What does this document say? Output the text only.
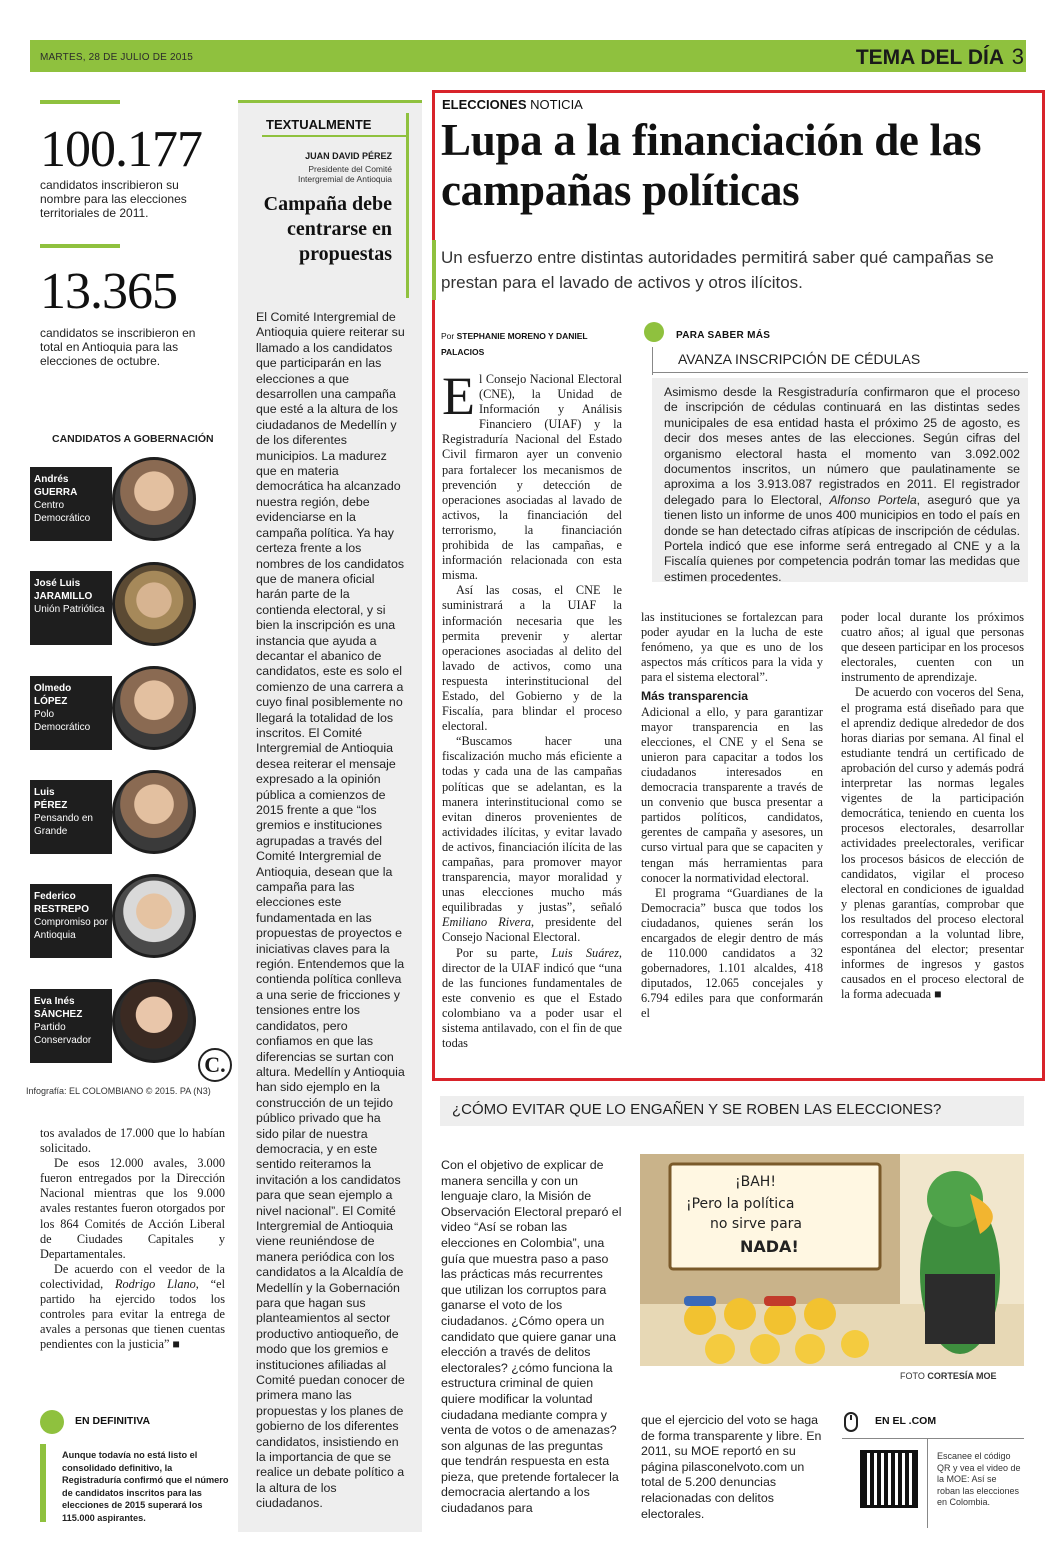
MARTES, 28 DE JULIO DE 2015	TEMA DEL DÍA 3
100.177
candidatos inscribieron su nombre para las elecciones territoriales de 2011.
13.365
candidatos se inscribieron en total en Antioquia para las elecciones de octubre.
CANDIDATOS A GOBERNACIÓN
Andrés
GUERRA
Centro Democrático
José Luis
JARAMILLO
Unión Patriótica
Olmedo
LÓPEZ
Polo Democrático
Luis
PÉREZ
Pensando en Grande
Federico
RESTREPO
Compromiso por Antioquia
Eva Inés
SÁNCHEZ
Partido Conservador
C.
Infografía: EL COLOMBIANO © 2015. PA (N3)

tos avalados de 17.000 que lo habían solicitado.

De esos 12.000 avales, 3.000 fueron entregados por la Dirección Nacional mientras que los 9.000 avales restantes fueron otorgados por los 864 Comités de Acción Liberal de Ciudades Capitales y Departamentales.

De acuerdo con el veedor de la colectividad, Rodrigo Llano, “el partido ha ejercido todos los controles para evitar la entrega de avales a personas que tienen cuentas pendientes con la justicia” ■

EN DEFINITIVA
Aunque todavía no está listo el consolidado definitivo, la Registraduría confirmó que el número de candidatos inscritos para las elecciones de 2015 superará los 115.000 aspirantes.
TEXTUALMENTE
JUAN DAVID PÉREZ
Presidente del Comité Intergremial de Antioquia
Campaña debe centrarse en propuestas
El Comité Intergremial de Antioquia quiere reiterar su llamado a los candidatos que participarán en las elecciones a que desarrollen una campaña que esté a la altura de los ciudadanos de Medellín y de los diferentes municipios. La madurez que en materia democrática ha alcanzado nuestra región, debe evidenciarse en la campaña política. Ya hay certeza frente a los nombres de los candidatos que de manera oficial harán parte de la contienda electoral, y si bien la inscripción es una instancia que ayuda a decantar el abanico de candidatos, este es solo el comienzo de una carrera a cuyo final posiblemente no llegará la totalidad de los inscritos. El Comité Intergremial de Antioquia desea reiterar el mensaje expresado a la opinión pública a comienzos de 2015 frente a que “los gremios e instituciones agrupadas a través del Comité Intergremial de Antioquia, desean que la campaña para las elecciones este fundamentada en las propuestas de proyectos e iniciativas claves para la región. Entendemos que la contienda política conlleva a una serie de fricciones y tensiones entre los candidatos, pero confiamos en que las diferencias se surtan con altura. Medellín y Antioquia han sido ejemplo en la construcción de un tejido público privado que ha sido pilar de nuestra democracia, y en este sentido reiteramos la invitación a los candidatos para que sean ejemplo a nivel nacional”. El Comité Intergremial de Antioquia viene reuniéndose de manera periódica con los candidatos a la Alcaldía de Medellín y la Gobernación para que hagan sus planteamientos al sector productivo antioqueño, de modo que los gremios e instituciones afiliadas al Comité puedan conocer de primera mano las propuestas y los planes de gobierno de los diferentes candidatos, insistiendo en la importancia de que se realice un debate político a la altura de los ciudadanos.
ELECCIONES NOTICIA
Lupa a la financiación de las campañas políticas
Un esfuerzo entre distintas autoridades permitirá saber qué campañas se prestan para el lavado de activos y otros ilícitos.
Por STEPHANIE MORENO Y DANIEL PALACIOS
PARA SABER MÁS
AVANZA INSCRIPCIÓN DE CÉDULAS
Asimismo desde la Resgistraduría confirmaron que el proceso de inscripción de cédulas continuará en las distintas sedes municipales de esa entidad hasta el próximo 25 de agosto, es decir dos meses antes de las elecciones. Según cifras del organismo electoral hasta el momento van 3.092.002 documentos inscritos, un número que paulatinamente se aproxima a los 3.913.087 registrados en 2011. El registrador delegado para lo Electoral, Alfonso Portela, aseguró que ya tienen listo un informe de unos 400 municipios en todo el país en donde se han detectado cifras atípicas de inscripción de cédulas. Portela indicó que ese informe será entregado al CNE y a la Fiscalía quienes por competencia podrán tomar las medidas que estimen procedentes.

El Consejo Nacional Electoral (CNE), la Unidad de Información y Análisis Financiero (UIAF) y la Registraduría Nacional del Estado Civil firmaron ayer un convenio para fortalecer los mecanismos de prevención y detección de operaciones asociadas al lavado de activos, la financiación del terrorismo, la financiación prohibida de las campañas, e información relacionada con esta misma.

Así las cosas, el CNE le suministrará a la UIAF la información necesaria que les permita prevenir y alertar operaciones asociadas al delito del lavado de activos, como una respuesta interinstitucional del Estado, del Gobierno y de la Fiscalía, para blindar el proceso electoral.

“Buscamos hacer una fiscalización mucho más eficiente a todas y cada una de las campañas políticas que se adelantan, es la manera interinstitucional como se evitan dineros provenientes de actividades ilícitas, y evitar lavado de activos, financiación ilícita de las campañas, para promover mayor transparencia, mayor moralidad y unas elecciones mucho más equilibradas y justas”, señaló Emiliano Rivera, presidente del Consejo Nacional Electoral.

Por su parte, Luis Suárez, director de la UIAF indicó que “una de las funciones fundamentales de este convenio es que el Estado colombiano va a poder usar el sistema antilavado, con el fin de que todas

las instituciones se fortalezcan para poder ayudar en la lucha de este fenómeno, ya que es uno de los aspectos más críticos para la vida y para el sistema electoral”.

Más transparencia

Adicional a ello, y para garantizar mayor transparencia en las elecciones, el CNE y el Sena se unieron para capacitar a todos los ciudadanos interesados en democracia transparente a través de un convenio que busca presentar a partidos políticos, candidatos, gerentes de campaña y asesores, un curso virtual para que se capaciten y tengan más herramientas para conocer la normatividad electoral.

El programa “Guardianes de la Democracia” busca que todos los ciudadanos, quienes serán los encargados de elegir dentro de más de 110.000 candidatos a 32 gobernadores, 1.101 alcaldes, 418 diputados, 12.065 concejales y 6.794 ediles para que conformarán el

poder local durante los próximos cuatro años; al igual que personas que deseen participar en los procesos electorales, cuenten con un instrumento de aprendizaje.

De acuerdo con voceros del Sena, el programa está diseñado para que el aprendiz dedique alrededor de dos horas diarias por semana. Al final el estudiante tendrá un certificado de aprobación del curso y además podrá interpretar las normas legales vigentes de la participación democrática, teniendo en cuenta los procesos electorales, desarrollar actividades preelectorales, verificar los procesos básicos de elección de candidatos, vigilar el proceso electoral en condiciones de igualdad y plenas garantías, comprobar que los resultados del proceso electoral correspondan a la voluntad libre, espontánea del elector; presentar informes de ingresos y gastos causados en el proceso electoral de la forma adecuada ■

¿CÓMO EVITAR QUE LO ENGAÑEN Y SE ROBEN LAS ELECCIONES?
Con el objetivo de explicar de manera sencilla y con un lenguaje claro, la Misión de Observación Electoral preparó el video “Así se roban las elecciones en Colombia”, una guía que muestra paso a paso las prácticas más recurrentes que utilizan los corruptos para ganarse el voto de los ciudadanos. ¿Cómo opera un candidato que quiere ganar una elección a través de delitos electorales? ¿cómo funciona la estructura criminal de quien quiere modificar la voluntad ciudadana mediante compra y venta de votos o de amenazas? son algunas de las preguntas que tendrán respuesta en esta pieza, que pretende fortalecer la democracia alertando a los ciudadanos para
que el ejercicio del voto se haga de forma transparente y libre. En 2011, su MOE reportó en su página pilasconelvoto.com un total de 5.200 denuncias relacionadas con delitos electorales.
¡BAH!
¡Pero la política
no sirve para
NADA!
FOTO CORTESÍA MOE
EN EL .COM
Escanee el código QR y vea el video de la MOE: Así se roban las elecciones en Colombia.
